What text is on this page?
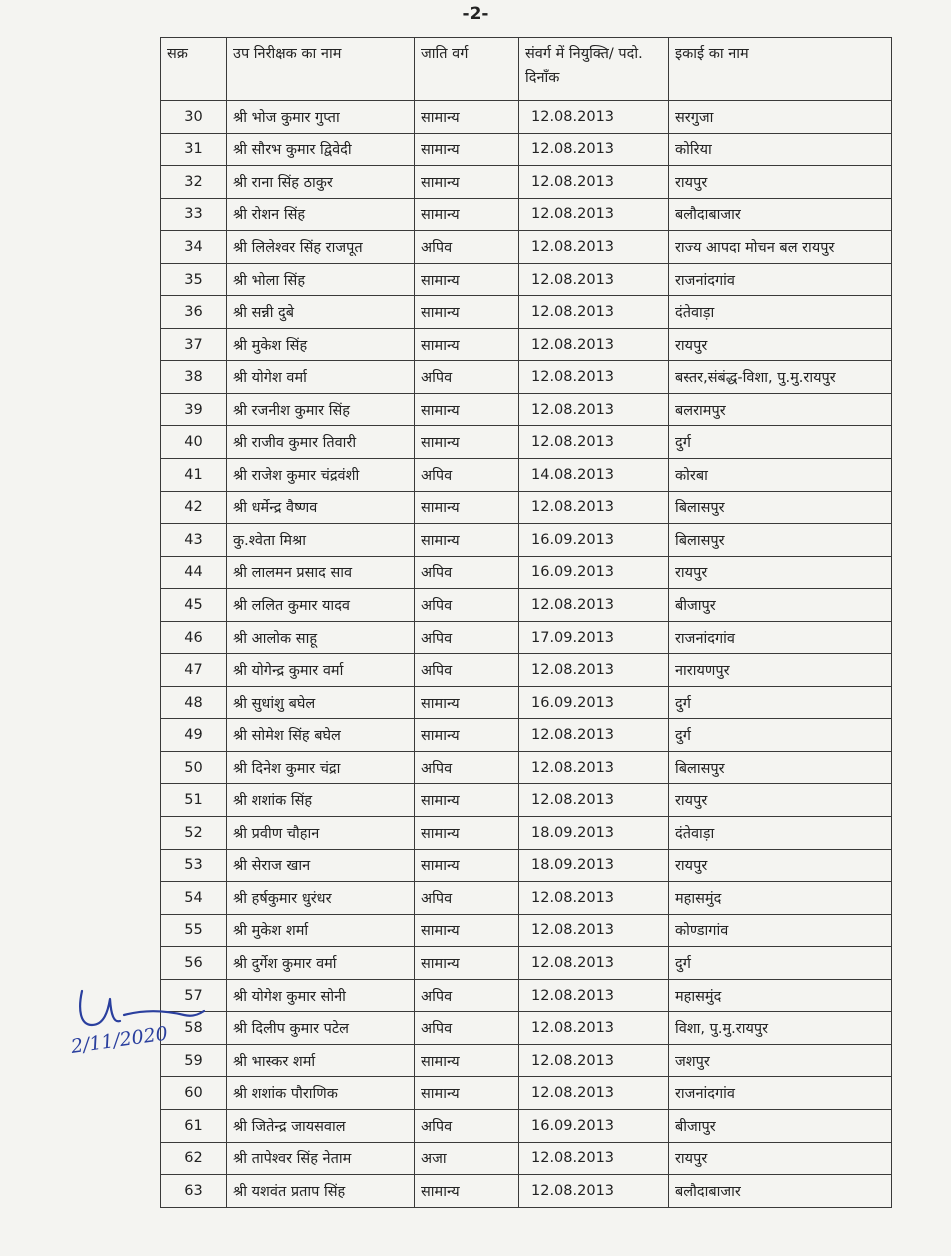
-2-
सक्र	उप निरीक्षक का नाम	जाति वर्ग	संवर्ग में नियुक्ति/ पदो. दिनाँक	इकाई का नाम
30	श्री भोज कुमार गुप्ता	सामान्य	12.08.2013	सरगुजा
31	श्री सौरभ कुमार द्विवेदी	सामान्य	12.08.2013	कोरिया
32	श्री राना सिंह ठाकुर	सामान्य	12.08.2013	रायपुर
33	श्री रोशन सिंह	सामान्य	12.08.2013	बलौदाबाजार
34	श्री लिलेश्वर सिंह राजपूत	अपिव	12.08.2013	राज्य आपदा मोचन बल रायपुर
35	श्री भोला सिंह	सामान्य	12.08.2013	राजनांदगांव
36	श्री सन्नी दुबे	सामान्य	12.08.2013	दंतेवाड़ा
37	श्री मुकेश सिंह	सामान्य	12.08.2013	रायपुर
38	श्री योगेश वर्मा	अपिव	12.08.2013	बस्तर,संबंद्ध-विशा, पु.मु.रायपुर
39	श्री रजनीश कुमार सिंह	सामान्य	12.08.2013	बलरामपुर
40	श्री राजीव कुमार तिवारी	सामान्य	12.08.2013	दुर्ग
41	श्री राजेश कुमार चंद्रवंशी	अपिव	14.08.2013	कोरबा
42	श्री धर्मेन्द्र वैष्णव	सामान्य	12.08.2013	बिलासपुर
43	कु.श्वेता मिश्रा	सामान्य	16.09.2013	बिलासपुर
44	श्री लालमन प्रसाद साव	अपिव	16.09.2013	रायपुर
45	श्री ललित कुमार यादव	अपिव	12.08.2013	बीजापुर
46	श्री आलोक साहू	अपिव	17.09.2013	राजनांदगांव
47	श्री योगेन्द्र कुमार वर्मा	अपिव	12.08.2013	नारायणपुर
48	श्री सुधांशु बघेल	सामान्य	16.09.2013	दुर्ग
49	श्री सोमेश सिंह बघेल	सामान्य	12.08.2013	दुर्ग
50	श्री दिनेश कुमार चंद्रा	अपिव	12.08.2013	बिलासपुर
51	श्री शशांक सिंह	सामान्य	12.08.2013	रायपुर
52	श्री प्रवीण चौहान	सामान्य	18.09.2013	दंतेवाड़ा
53	श्री सेराज खान	सामान्य	18.09.2013	रायपुर
54	श्री हर्षकुमार धुरंधर	अपिव	12.08.2013	महासमुंद
55	श्री मुकेश शर्मा	सामान्य	12.08.2013	कोण्डागांव
56	श्री दुर्गेश कुमार वर्मा	सामान्य	12.08.2013	दुर्ग
57	श्री योगेश कुमार सोनी	अपिव	12.08.2013	महासमुंद
58	श्री दिलीप कुमार पटेल	अपिव	12.08.2013	विशा, पु.मु.रायपुर
59	श्री भास्कर शर्मा	सामान्य	12.08.2013	जशपुर
60	श्री शशांक पौराणिक	सामान्य	12.08.2013	राजनांदगांव
61	श्री जितेन्द्र जायसवाल	अपिव	16.09.2013	बीजापुर
62	श्री तापेश्वर सिंह नेताम	अजा	12.08.2013	रायपुर
63	श्री यशवंत प्रताप सिंह	सामान्य	12.08.2013	बलौदाबाजार
2/11/2020
